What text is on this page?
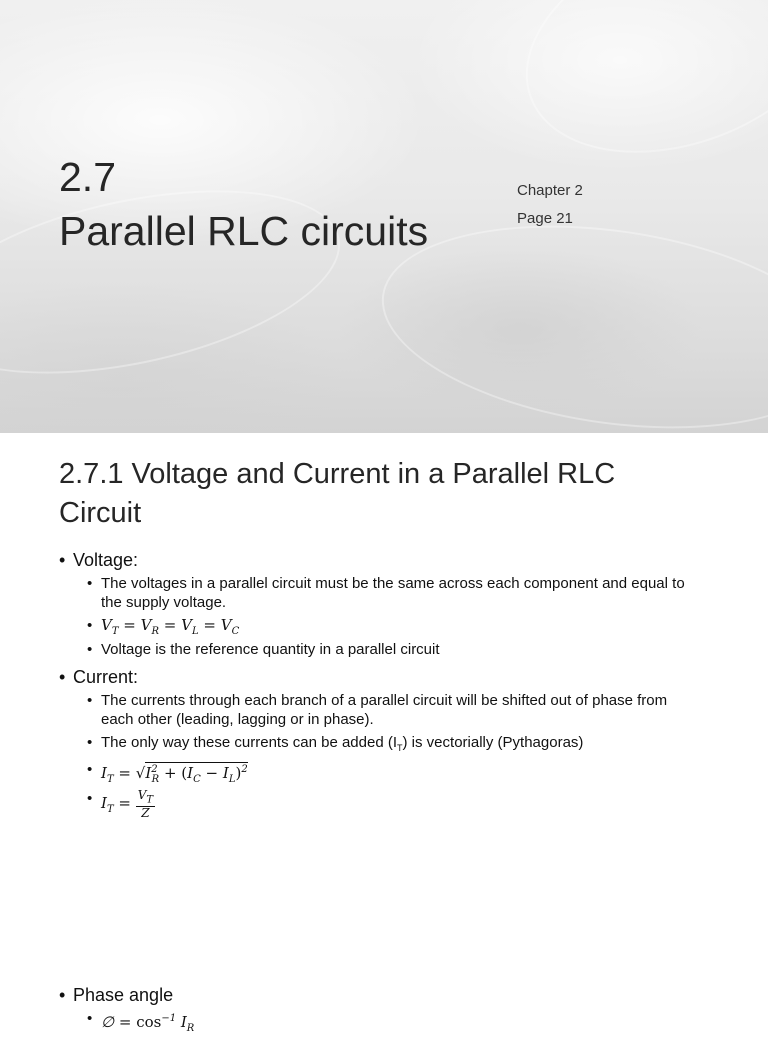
2.7
Parallel RLC circuits
Chapter 2
Page 21
2.7.1 Voltage and Current in a Parallel RLC
Circuit
• Voltage:
• The voltages in a parallel circuit must be the same across each component and equal to the supply voltage.
• $V_T = V_R = V_L = V_C$
• Voltage is the reference quantity in a parallel circuit
• Current:
• The currents through each branch of a parallel circuit will be shifted out of phase from each other (leading, lagging or in phase).
• The only way these currents can be added $(I_T)$ is vectorially (Pythagoras)
• $I_T = √I^2_R + (I_C - I_L)^2$
• $I_T = \frac{V_T}{Z}$
• Phase angle
• ∅ = $\cos^{-1} I_R$
